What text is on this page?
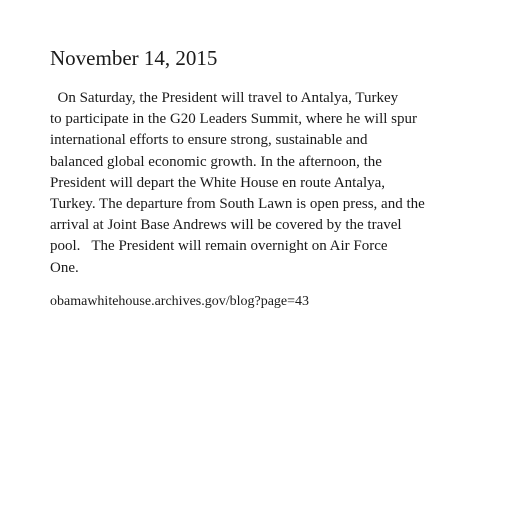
November 14, 2015
On Saturday, the President will travel to Antalya, Turkey
to participate in the G20 Leaders Summit, where he will spur
international efforts to ensure strong, sustainable and
balanced global economic growth. In the afternoon, the
President will depart the White House en route Antalya,
Turkey. The departure from South Lawn is open press, and the
arrival at Joint Base Andrews will be covered by the travel
pool.   The President will remain overnight on Air Force
One.
obamawhitehouse.archives.gov/blog?page=43
